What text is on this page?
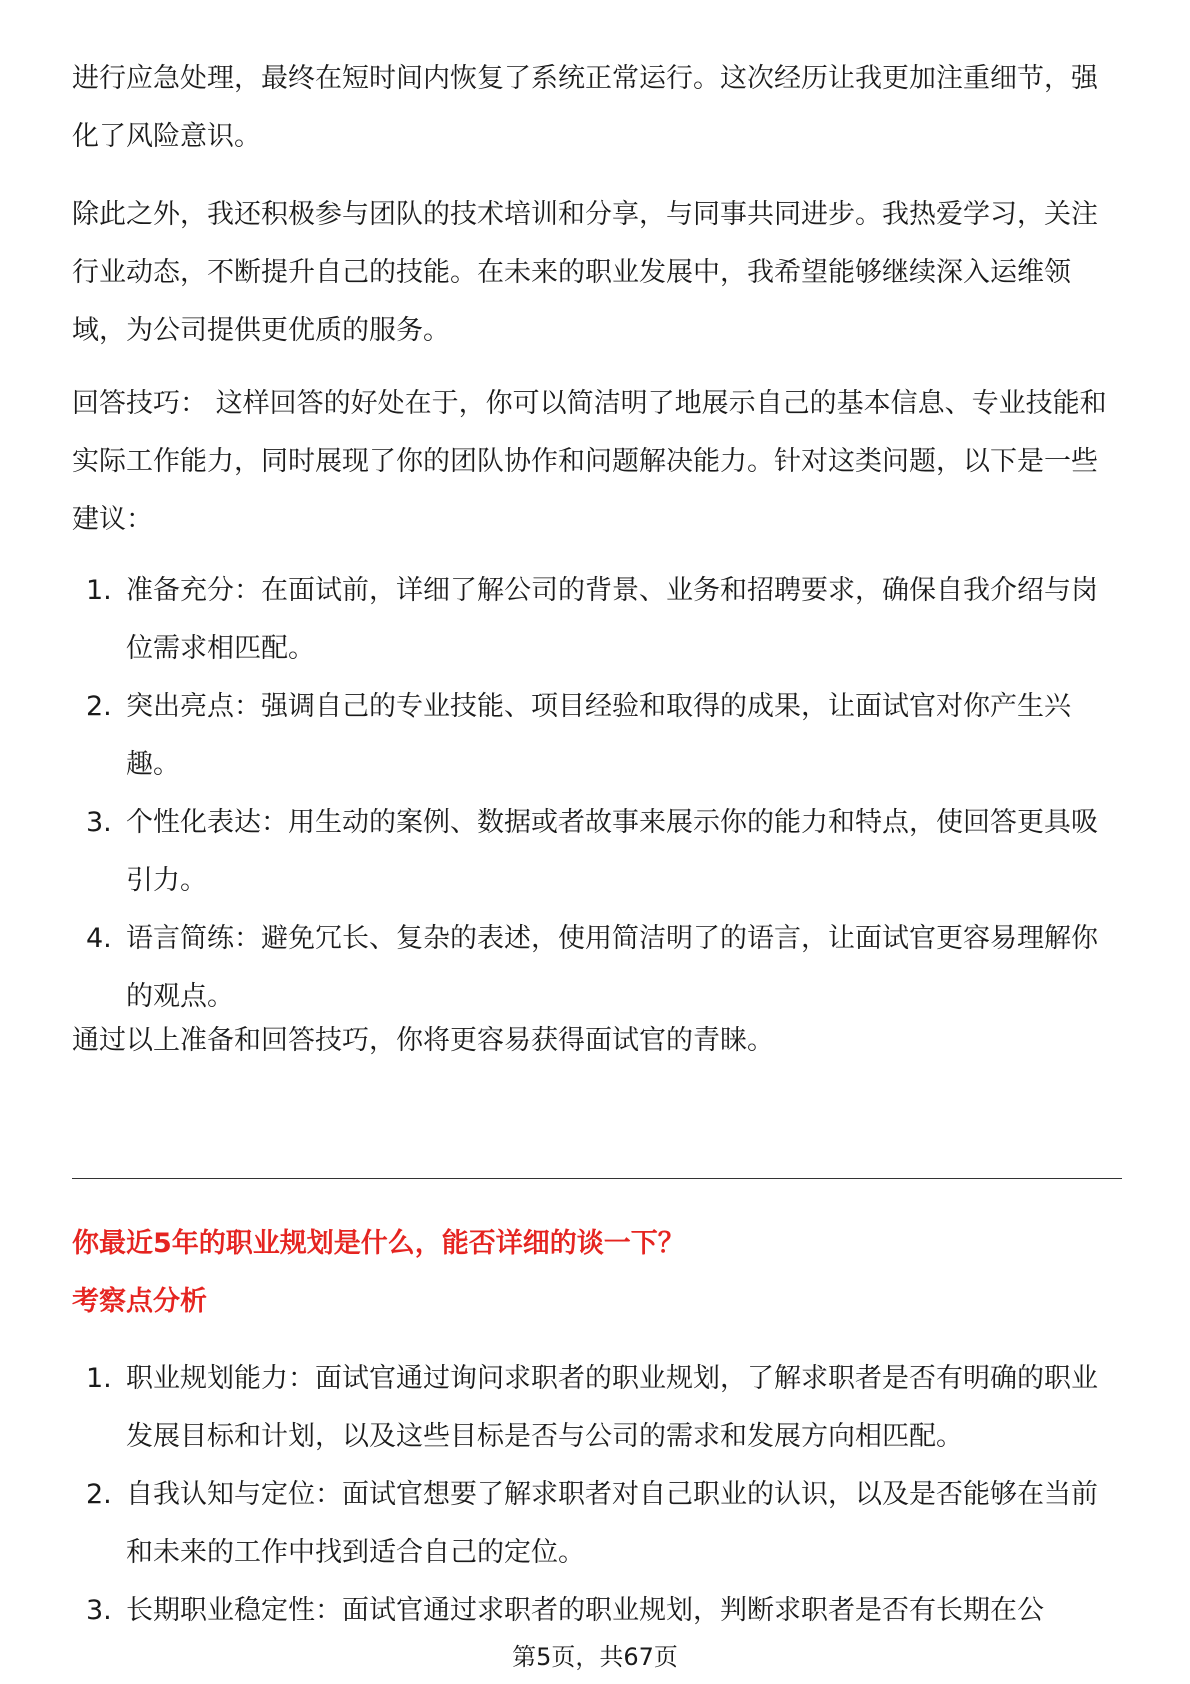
进行应急处理，最终在短时间内恢复了系统正常运行。这次经历让我更加注重细节，强化了风险意识。

除此之外，我还积极参与团队的技术培训和分享，与同事共同进步。我热爱学习，关注行业动态，不断提升自己的技能。在未来的职业发展中，我希望能够继续深入运维领域，为公司提供更优质的服务。

回答技巧： 这样回答的好处在于，你可以简洁明了地展示自己的基本信息、专业技能和实际工作能力，同时展现了你的团队协作和问题解决能力。针对这类问题，以下是一些建议：

1. 准备充分：在面试前，详细了解公司的背景、业务和招聘要求，确保自我介绍与岗位需求相匹配。
2. 突出亮点：强调自己的专业技能、项目经验和取得的成果，让面试官对你产生兴趣。
3. 个性化表达：用生动的案例、数据或者故事来展示你的能力和特点，使回答更具吸引力。
4. 语言简练：避免冗长、复杂的表述，使用简洁明了的语言，让面试官更容易理解你的观点。

通过以上准备和回答技巧，你将更容易获得面试官的青睐。

你最近5年的职业规划是什么，能否详细的谈一下？
考察点分析
1. 职业规划能力：面试官通过询问求职者的职业规划，了解求职者是否有明确的职业发展目标和计划，以及这些目标是否与公司的需求和发展方向相匹配。
2. 自我认知与定位：面试官想要了解求职者对自己职业的认识，以及是否能够在当前和未来的工作中找到适合自己的定位。
3. 长期职业稳定性：面试官通过求职者的职业规划，判断求职者是否有长期在公
第5页，共67页
